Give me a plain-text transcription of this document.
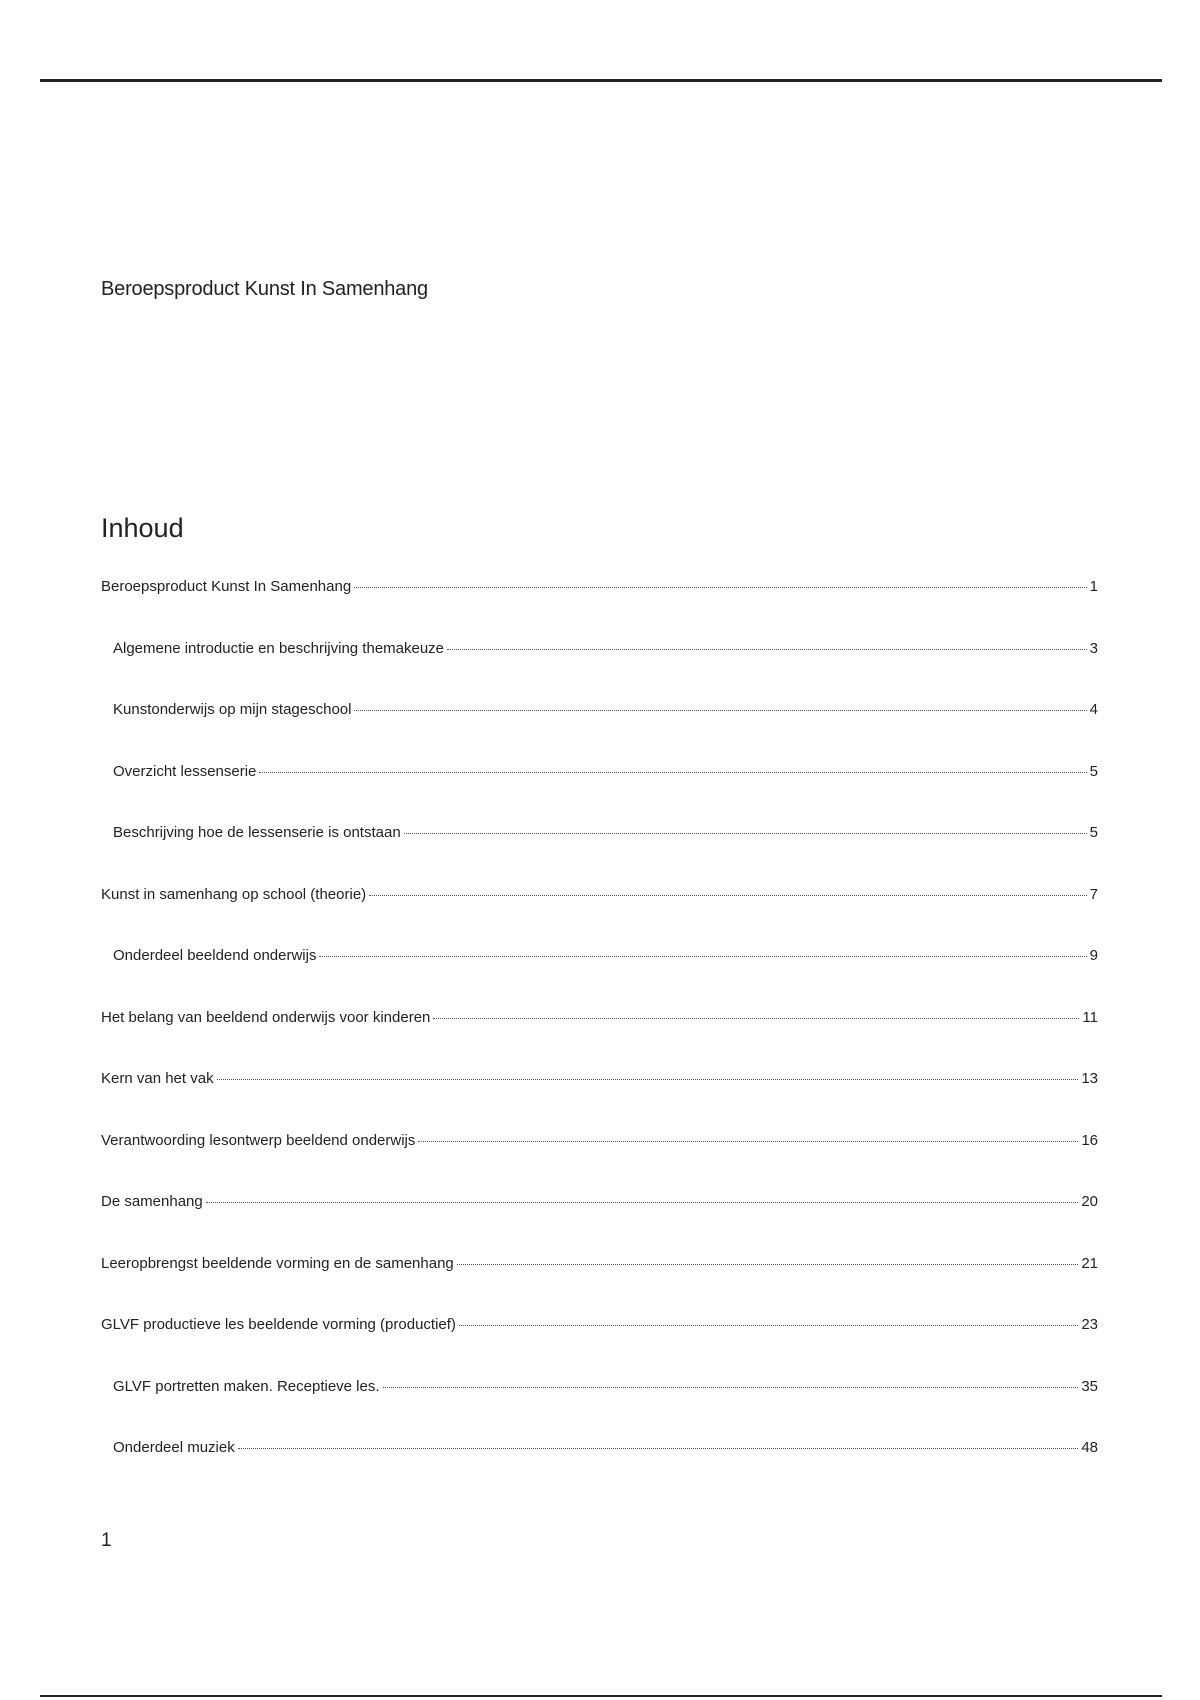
Beroepsproduct Kunst In Samenhang
Inhoud
Beroepsproduct Kunst In Samenhang	1
Algemene introductie en beschrijving themakeuze	3
Kunstonderwijs op mijn stageschool	4
Overzicht lessenserie	5
Beschrijving hoe de lessenserie is ontstaan	5
Kunst in samenhang op school (theorie)	7
Onderdeel beeldend onderwijs	9
Het belang van beeldend onderwijs voor kinderen	11
Kern van het vak	13
Verantwoording lesontwerp beeldend onderwijs	16
De samenhang	20
Leeropbrengst beeldende vorming en de samenhang	21
GLVF productieve les beeldende vorming (productief)	23
GLVF portretten maken. Receptieve les.	35
Onderdeel muziek	48
1
